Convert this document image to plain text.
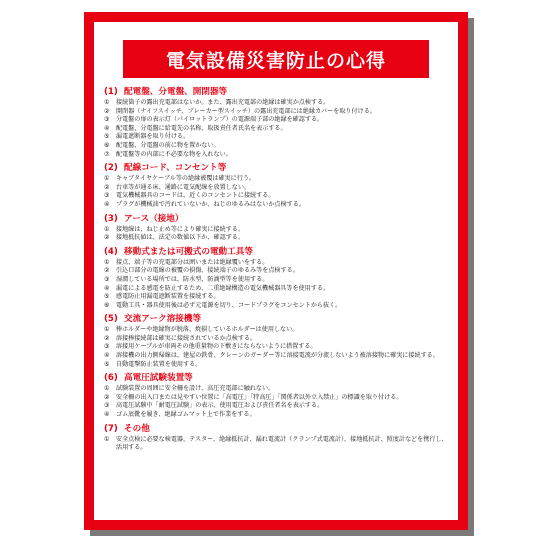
電気設備災害防止の心得
(1) 配電盤、分電盤、開閉器等
①	接続箇子の露出充電部はないか。また、露出充電部の絶縁は確実か点検する。
②	開閉器（ナイフスイッチ、ブレーカー型スイッチ）の露出充電部には絶縁カバーを取り付ける。
③	分電盤の扉の表示灯（パイロットランプ）の電源端子部の絶縁を確認する。
④	配電盤、分電盤に給電先の名称、取扱責任者氏名を表示する。
⑤	漏電遮断器を取り付ける。
⑥	配電盤、分電盤の前に物を置かない。
⑦	配電盤等の内部に不必要な物を入れない。
(2) 配線コード、コンセント等
①	キャブタイヤケーブル等の絶縁被覆は確実に行う。
②	台車等が通る床、通路に電気配線を放置しない。
③	電気機械器具のコードは、近くのコンセントに接続する。
④	プラグが機械油で汚れていないか、ねじのゆるみはないか点検する。
(3) アース（接地）
①	接地線は、ねじ止め等により確実に接続する。
②	接地抵抗値は、法定の数値以下か、確認する。
(4) 移動式または可搬式の電動工具等
①	接点、端子等の充電部分は囲いまたは絶縁覆いをする。
②	引込口部分の電線の被覆の損傷、接続端子のゆるみ等を点検する。
③	湿潤している場所では、防水型、防滴型等を使用する。
④	漏電による感電を防止するため、二重絶縁構造の電気機械器具等を使用する。
⑤	感電防止用漏電遮断装置を接続する。
⑥	電動工具・器具使用後は必ず元電源を切り、コードプラグをコンセントから抜く。
(5) 交流アーク溶接機等
①	棒ホルダーや絶縁物が脱落、焼損しているホルダーは使用しない。
②	溶接棒接続部は確実に接続されているか点検する。
③	溶接用ケーブルが車両その他重量物の下敷きにならないように措置する。
④	溶接機の出力側帰線は、建屋の鉄骨、クレーンのガーダー等に溶接電流が分流しないよう被溶接物に確実に接続する。
⑤	自動電撃防止装置を使用する。
(6) 高電圧試験装置等
①	試験装置の周囲に安全柵を設け、高圧充電部に触れない。
②	安全柵の出入口または見やすい位置に「高電圧」「特高圧」「関係者以外立入禁止」の標識を取り付ける。
③	高電圧試験中「耐電圧試験」の表示、使用電圧および責任者名を表示する。
④	ゴム底靴を履き、絶縁ゴムマット上で作業をする。
(7) その他
①	安全点検に必要な検電器、テスター、絶縁抵抗計、漏れ電流計（クランプ式電流計）、接地抵抗計、照度計などを携行し、活用する。
